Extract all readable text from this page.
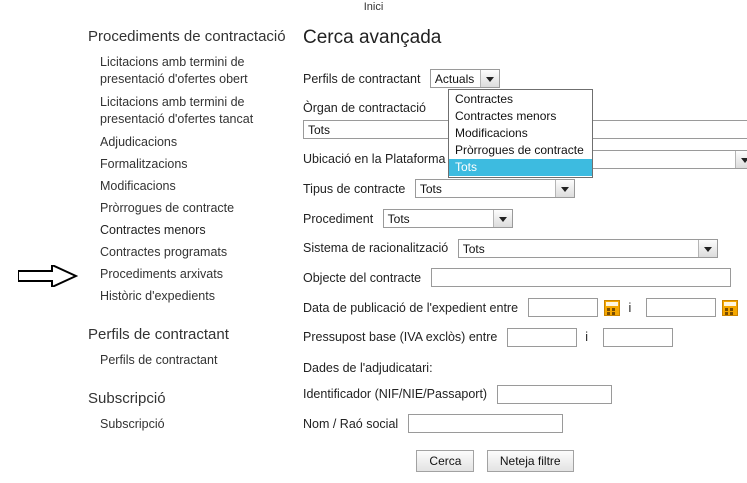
Inici
Procediments de contractació
Licitacions amb termini de presentació d'ofertes obert
Licitacions amb termini de presentació d'ofertes tancat
Adjudicacions
Formalitzacions
Modificacions
Pròrrogues de contracte
Contractes menors
Contractes programats
Procediments arxivats
Històric d'expedients
Perfils de contractant
Perfils de contractant
Subscripció
Subscripció
Cerca avançada
Perfils de contractant Actuals
Òrgan de contractació
Tots
Ubicació en la Plataforma
Tipus de contracte Tots
Procediment Tots
Sistema de racionalització Tots
Objecte del contracte
Data de publicació de l'expedient entre	i
Pressupost base (IVA exclòs) entre	i
Dades de l'adjudicatari:
Identificador (NIF/NIE/Passaport)
Nom / Raó social
Cerca	Neteja filtre
Contractes
Contractes menors
Modificacions
Pròrrogues de contracte
Tots
